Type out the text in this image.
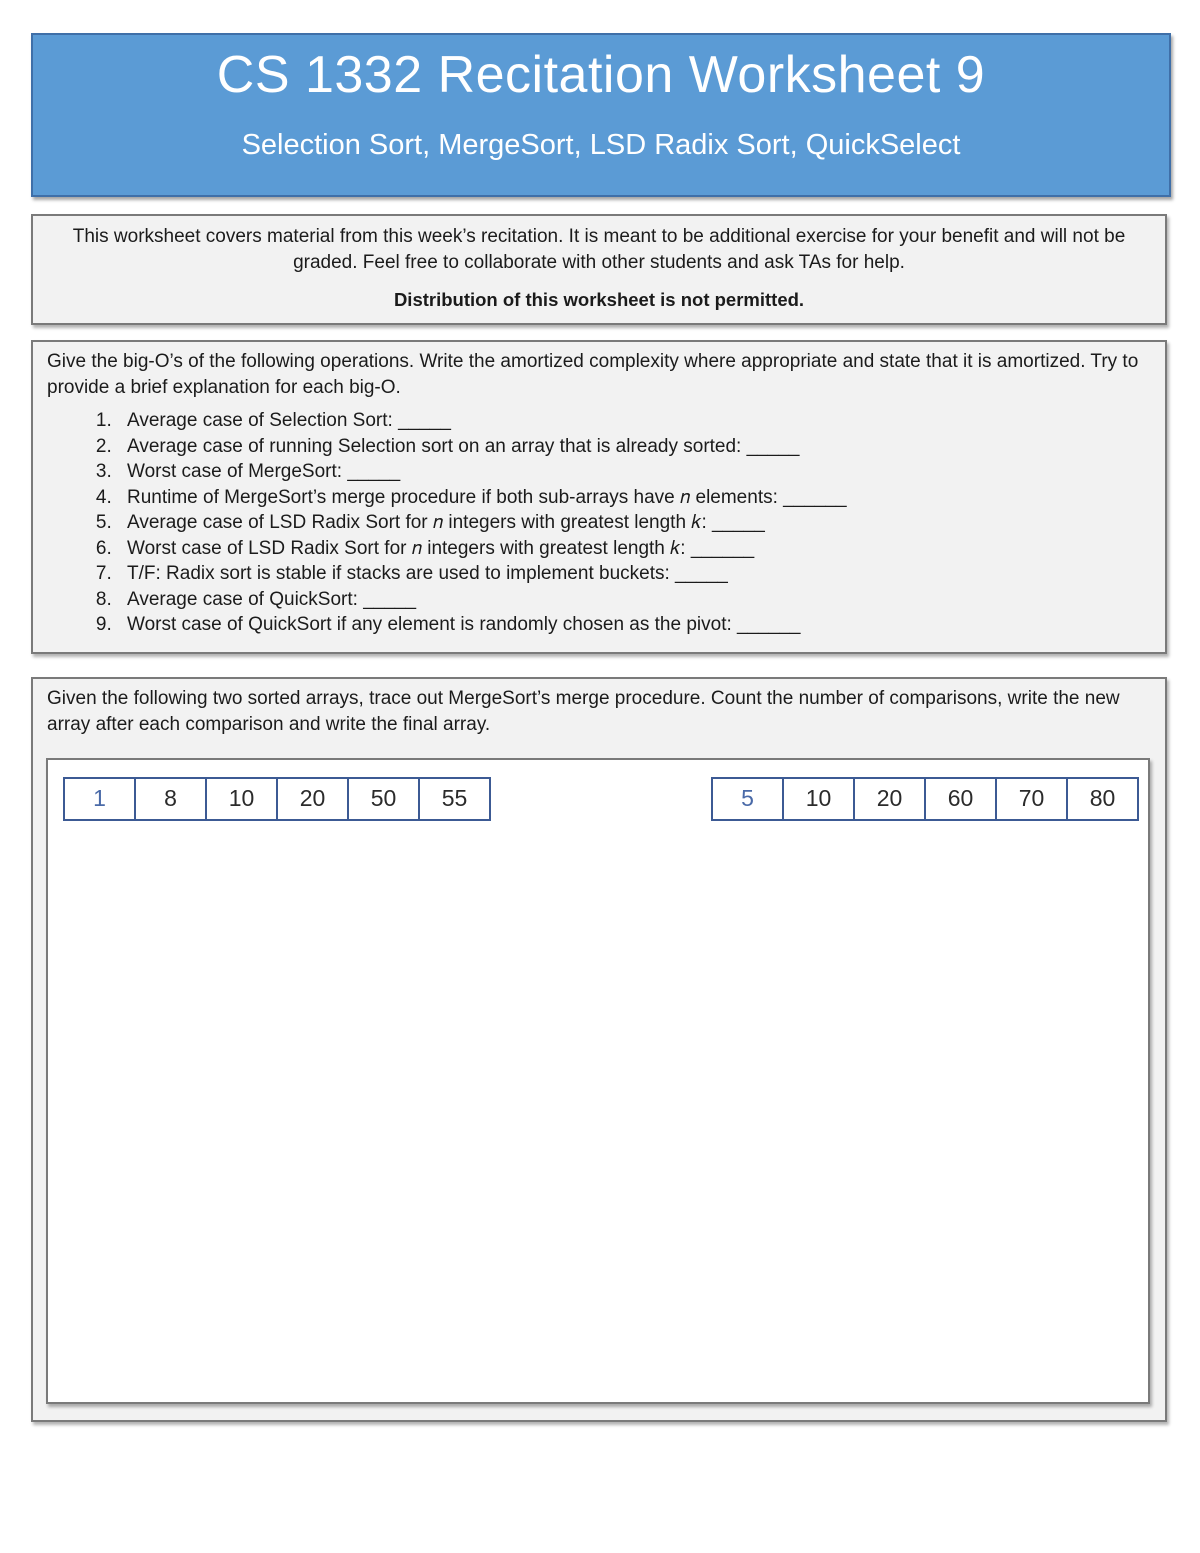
CS 1332 Recitation Worksheet 9
Selection Sort, MergeSort, LSD Radix Sort, QuickSelect
This worksheet covers material from this week’s recitation. It is meant to be additional exercise for your benefit and will not be graded. Feel free to collaborate with other students and ask TAs for help.
Distribution of this worksheet is not permitted.
Give the big-O’s of the following operations. Write the amortized complexity where appropriate and state that it is amortized. Try to provide a brief explanation for each big-O.
1. Average case of Selection Sort: _____
2. Average case of running Selection sort on an array that is already sorted: _____
3. Worst case of MergeSort: _____
4. Runtime of MergeSort’s merge procedure if both sub-arrays have 𝑛 elements: ______
5. Average case of LSD Radix Sort for 𝑛 integers with greatest length 𝑘: _____
6. Worst case of LSD Radix Sort for 𝑛 integers with greatest length 𝑘: ______
7. T/F: Radix sort is stable if stacks are used to implement buckets: _____
8. Average case of QuickSort: _____
9. Worst case of QuickSort if any element is randomly chosen as the pivot: ______
Given the following two sorted arrays, trace out MergeSort’s merge procedure. Count the number of comparisons, write the new array after each comparison and write the final array.
1	8	10	20	50	55	5	10	20	60	70	80
